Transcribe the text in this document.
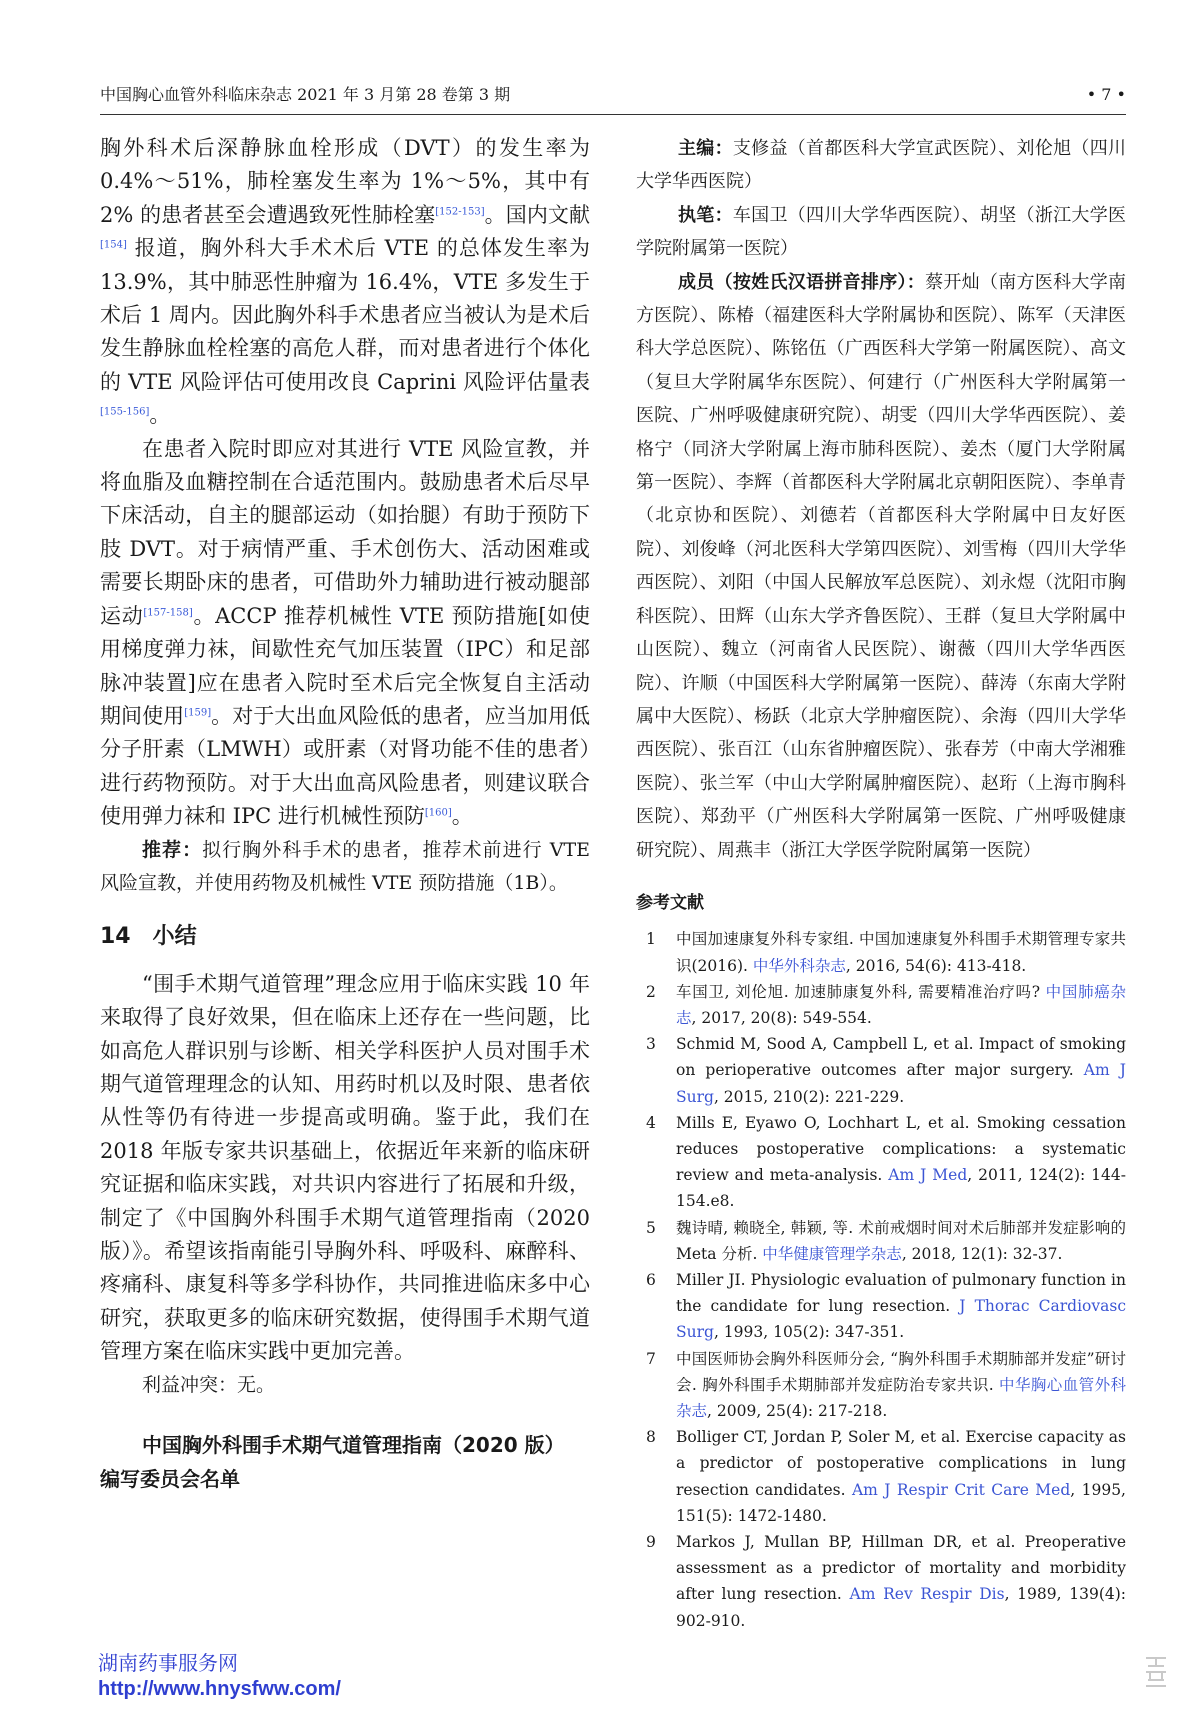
中国胸心血管外科临床杂志 2021 年 3 月第 28 卷第 3 期	• 7 •

胸外科术后深静脉血栓形成（DVT）的发生率为 0.4%～51%，肺栓塞发生率为 1%～5%，其中有 2% 的患者甚至会遭遇致死性肺栓塞[152-153]。国内文献[154] 报道，胸外科大手术术后 VTE 的总体发生率为 13.9%，其中肺恶性肿瘤为 16.4%，VTE 多发生于术后 1 周内。因此胸外科手术患者应当被认为是术后发生静脉血栓栓塞的高危人群，而对患者进行个体化的 VTE 风险评估可使用改良 Caprini 风险评估量表[155-156]。

在患者入院时即应对其进行 VTE 风险宣教，并将血脂及血糖控制在合适范围内。鼓励患者术后尽早下床活动，自主的腿部运动（如抬腿）有助于预防下肢 DVT。对于病情严重、手术创伤大、活动困难或需要长期卧床的患者，可借助外力辅助进行被动腿部运动[157-158]。ACCP 推荐机械性 VTE 预防措施[如使用梯度弹力袜，间歇性充气加压装置（IPC）和足部脉冲装置]应在患者入院时至术后完全恢复自主活动期间使用[159]。对于大出血风险低的患者，应当加用低分子肝素（LMWH）或肝素（对肾功能不佳的患者）进行药物预防。对于大出血高风险患者，则建议联合使用弹力袜和 IPC 进行机械性预防[160]。

推荐：拟行胸外科手术的患者，推荐术前进行 VTE 风险宣教，并使用药物及机械性 VTE 预防措施（1B）。

14 小结

“围手术期气道管理”理念应用于临床实践 10 年来取得了良好效果，但在临床上还存在一些问题，比如高危人群识别与诊断、相关学科医护人员对围手术期气道管理理念的认知、用药时机以及时限、患者依从性等仍有待进一步提高或明确。鉴于此，我们在 2018 年版专家共识基础上，依据近年来新的临床研究证据和临床实践，对共识内容进行了拓展和升级，制定了《中国胸外科围手术期气道管理指南（2020 版）》。希望该指南能引导胸外科、呼吸科、麻醉科、疼痛科、康复科等多学科协作，共同推进临床多中心研究，获取更多的临床研究数据，使得围手术期气道管理方案在临床实践中更加完善。

利益冲突：无。

中国胸外科围手术期气道管理指南（2020 版）
编写委员会名单

主编：支修益（首都医科大学宣武医院）、刘伦旭（四川大学华西医院）

执笔：车国卫（四川大学华西医院）、胡坚（浙江大学医学院附属第一医院）

成员（按姓氏汉语拼音排序）：蔡开灿（南方医科大学南方医院）、陈椿（福建医科大学附属协和医院）、陈军（天津医科大学总医院）、陈铭伍（广西医科大学第一附属医院）、高文（复旦大学附属华东医院）、何建行（广州医科大学附属第一医院、广州呼吸健康研究院）、胡雯（四川大学华西医院）、姜格宁（同济大学附属上海市肺科医院）、姜杰（厦门大学附属第一医院）、李辉（首都医科大学附属北京朝阳医院）、李单青（北京协和医院）、刘德若（首都医科大学附属中日友好医院）、刘俊峰（河北医科大学第四医院）、刘雪梅（四川大学华西医院）、刘阳（中国人民解放军总医院）、刘永煜（沈阳市胸科医院）、田辉（山东大学齐鲁医院）、王群（复旦大学附属中山医院）、魏立（河南省人民医院）、谢薇（四川大学华西医院）、许顺（中国医科大学附属第一医院）、薛涛（东南大学附属中大医院）、杨跃（北京大学肿瘤医院）、余海（四川大学华西医院）、张百江（山东省肿瘤医院）、张春芳（中南大学湘雅医院）、张兰军（中山大学附属肿瘤医院）、赵珩（上海市胸科医院）、郑劲平（广州医科大学附属第一医院、广州呼吸健康研究院）、周燕丰（浙江大学医学院附属第一医院）

参考文献
1 中国加速康复外科专家组. 中国加速康复外科围手术期管理专家共识(2016). 中华外科杂志, 2016, 54(6): 413-418.
2 车国卫, 刘伦旭. 加速肺康复外科, 需要精准治疗吗? 中国肺癌杂志, 2017, 20(8): 549-554.
3 Schmid M, Sood A, Campbell L, et al. Impact of smoking on perioperative outcomes after major surgery. Am J Surg, 2015, 210(2): 221-229.
4 Mills E, Eyawo O, Lochhart L, et al. Smoking cessation reduces postoperative complications: a systematic review and meta-analysis. Am J Med, 2011, 124(2): 144-154.e8.
5 魏诗晴, 赖晓全, 韩颖, 等. 术前戒烟时间对术后肺部并发症影响的 Meta 分析. 中华健康管理学杂志, 2018, 12(1): 32-37.
6 Miller JI. Physiologic evaluation of pulmonary function in the candidate for lung resection. J Thorac Cardiovasc Surg, 1993, 105(2): 347-351.
7 中国医师协会胸外科医师分会, “胸外科围手术期肺部并发症”研讨会. 胸外科围手术期肺部并发症防治专家共识. 中华胸心血管外科杂志, 2009, 25(4): 217-218.
8 Bolliger CT, Jordan P, Soler M, et al. Exercise capacity as a predictor of postoperative complications in lung resection candidates. Am J Respir Crit Care Med, 1995, 151(5): 1472-1480.
9 Markos J, Mullan BP, Hillman DR, et al. Preoperative assessment as a predictor of mortality and morbidity after lung resection. Am Rev Respir Dis, 1989, 139(4): 902-910.
湖南药事服务网
http://www.hnysfww.com/
